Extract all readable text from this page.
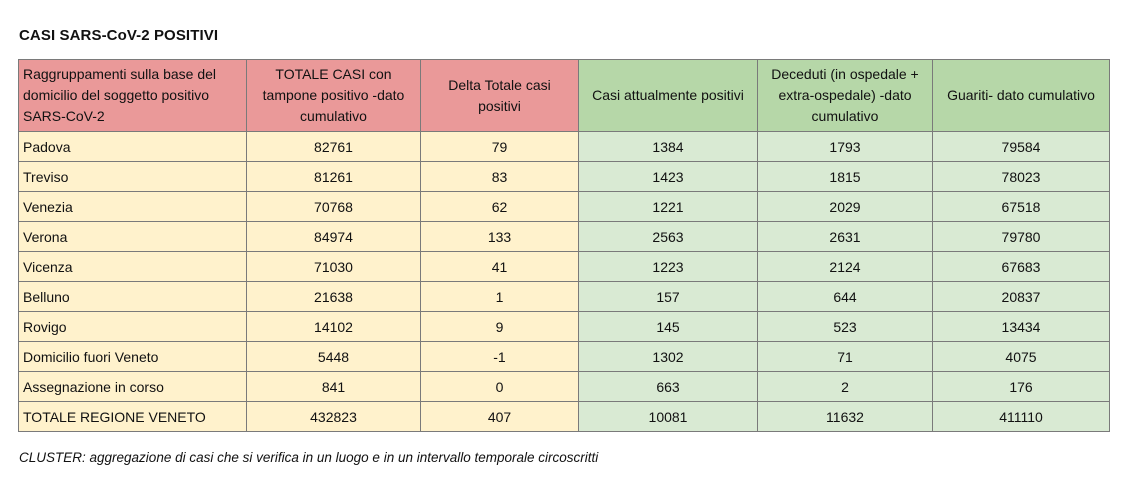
CASI SARS-CoV-2 POSITIVI
Raggruppamenti sulla base del domicilio del soggetto positivo SARS-CoV-2	TOTALE CASI con tampone positivo -dato cumulativo	Delta Totale casi positivi	Casi attualmente positivi	Deceduti (in ospedale + extra-ospedale) -dato cumulativo	Guariti- dato cumulativo
Padova	82761	79	1384	1793	79584
Treviso	81261	83	1423	1815	78023
Venezia	70768	62	1221	2029	67518
Verona	84974	133	2563	2631	79780
Vicenza	71030	41	1223	2124	67683
Belluno	21638	1	157	644	20837
Rovigo	14102	9	145	523	13434
Domicilio fuori Veneto	5448	-1	1302	71	4075
Assegnazione in corso	841	0	663	2	176
TOTALE REGIONE VENETO	432823	407	10081	11632	411110
CLUSTER: aggregazione di casi che si verifica in un luogo e in un intervallo temporale circoscritti
